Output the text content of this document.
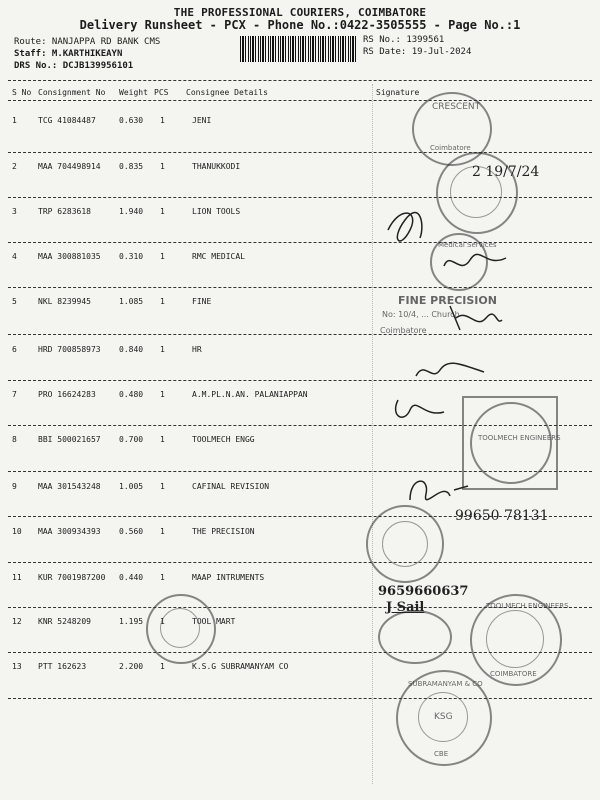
THE PROFESSIONAL COURIERS, COIMBATORE
Delivery Runsheet - PCX - Phone No.:0422-3505555 - Page No.:1
Route: NANJAPPA RD BANK CMS
Staff: M.KARTHIKEAYN
DRS No.: DCJB139956101
RS No.: 1399561
RS Date: 19-Jul-2024
S No Consignment No Weight PCS Consignee Details	Signature
1	TCG 41084487	0.630 1	JENI
2	MAA 704498914 0.835 1	THANUKKODI
3	TRP 6283618	1.940 1	LION TOOLS
4	MAA 300881035 0.310 1	RMC MEDICAL
5	NKL 8239945	1.085 1	FINE
6	HRD 700858973 0.840 1	HR
7	PRO 16624283	0.480 1	A.M.PL.N.AN. PALANIAPPAN
8	BBI 500021657 0.700 1	TOOLMECH ENGG
9	MAA 301543248 1.005 1	CAFINAL REVISION
10 MAA 300934393 0.560 1	THE PRECISION
11 KUR 7001987200 0.440 1	MAAP INTRUMENTS
12 KNR 5248209	1.195 1	TOOL MART
13 PTT 162623	2.200 1	K.S.G SUBRAMANYAM CO
CRESCENT
Coimbatore
2 19/7/24
Medical Services
FINE PRECISION
No: 10/4, ... Church
Coimbatore
TOOLMECH ENGINEERS
99650 78131
9659660637
J Sail	TOOLMECH ENGINEERS
COIMBATORE
KSG
SUBRAMANYAM & CO
CBE
